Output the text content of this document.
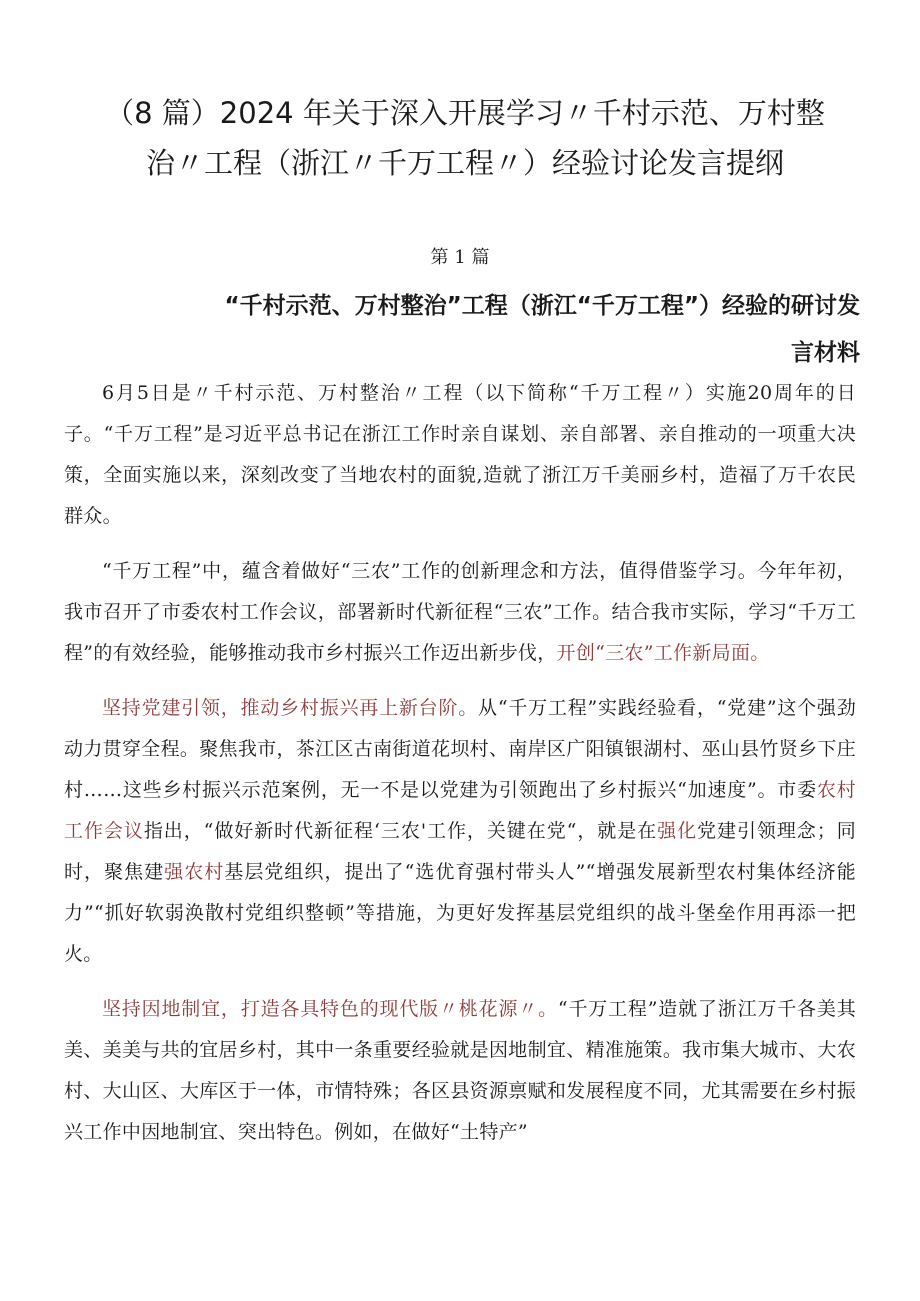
（8 篇）2024 年关于深入开展学习〃千村示范、万村整
治〃工程（浙江〃千万工程〃）经验讨论发言提纲

第 1 篇

“千村示范、万村整治”工程（浙江“千万工程”）经验的研讨发
言材料

6月5日是〃千村示范、万村整治〃工程（以下简称“千万工程〃）实施20周年的日子。“千万工程”是习近平总书记在浙江工作时亲自谋划、亲自部署、亲自推动的一项重大决策，全面实施以来，深刻改变了当地农村的面貌,造就了浙江万千美丽乡村，造福了万千农民群众。

“千万工程”中，蕴含着做好“三农”工作的创新理念和方法，值得借鉴学习。今年年初，我市召开了市委农村工作会议，部署新时代新征程“三农”工作。结合我市实际，学习“千万工程”的有效经验，能够推动我市乡村振兴工作迈出新步伐，开创“三农”工作新局面。

坚持党建引领，推动乡村振兴再上新台阶。从“千万工程”实践经验看，“党建”这个强劲动力贯穿全程。聚焦我市，茶江区古南街道花坝村、南岸区广阳镇银湖村、巫山县竹贤乡下庄村……这些乡村振兴示范案例，无一不是以党建为引领跑出了乡村振兴“加速度”。市委农村工作会议指出，“做好新时代新征程‘三农'工作，关键在党“，就是在强化党建引领理念；同时，聚焦建强农村基层党组织，提出了“选优育强村带头人”“增强发展新型农村集体经济能力”“抓好软弱涣散村党组织整顿”等措施，为更好发挥基层党组织的战斗堡垒作用再添一把火。

坚持因地制宜，打造各具特色的现代版〃桃花源〃。“千万工程”造就了浙江万千各美其美、美美与共的宜居乡村，其中一条重要经验就是因地制宜、精准施策。我市集大城市、大农村、大山区、大库区于一体，市情特殊；各区县资源禀赋和发展程度不同，尤其需要在乡村振兴工作中因地制宜、突出特色。例如，在做好“土特产”
